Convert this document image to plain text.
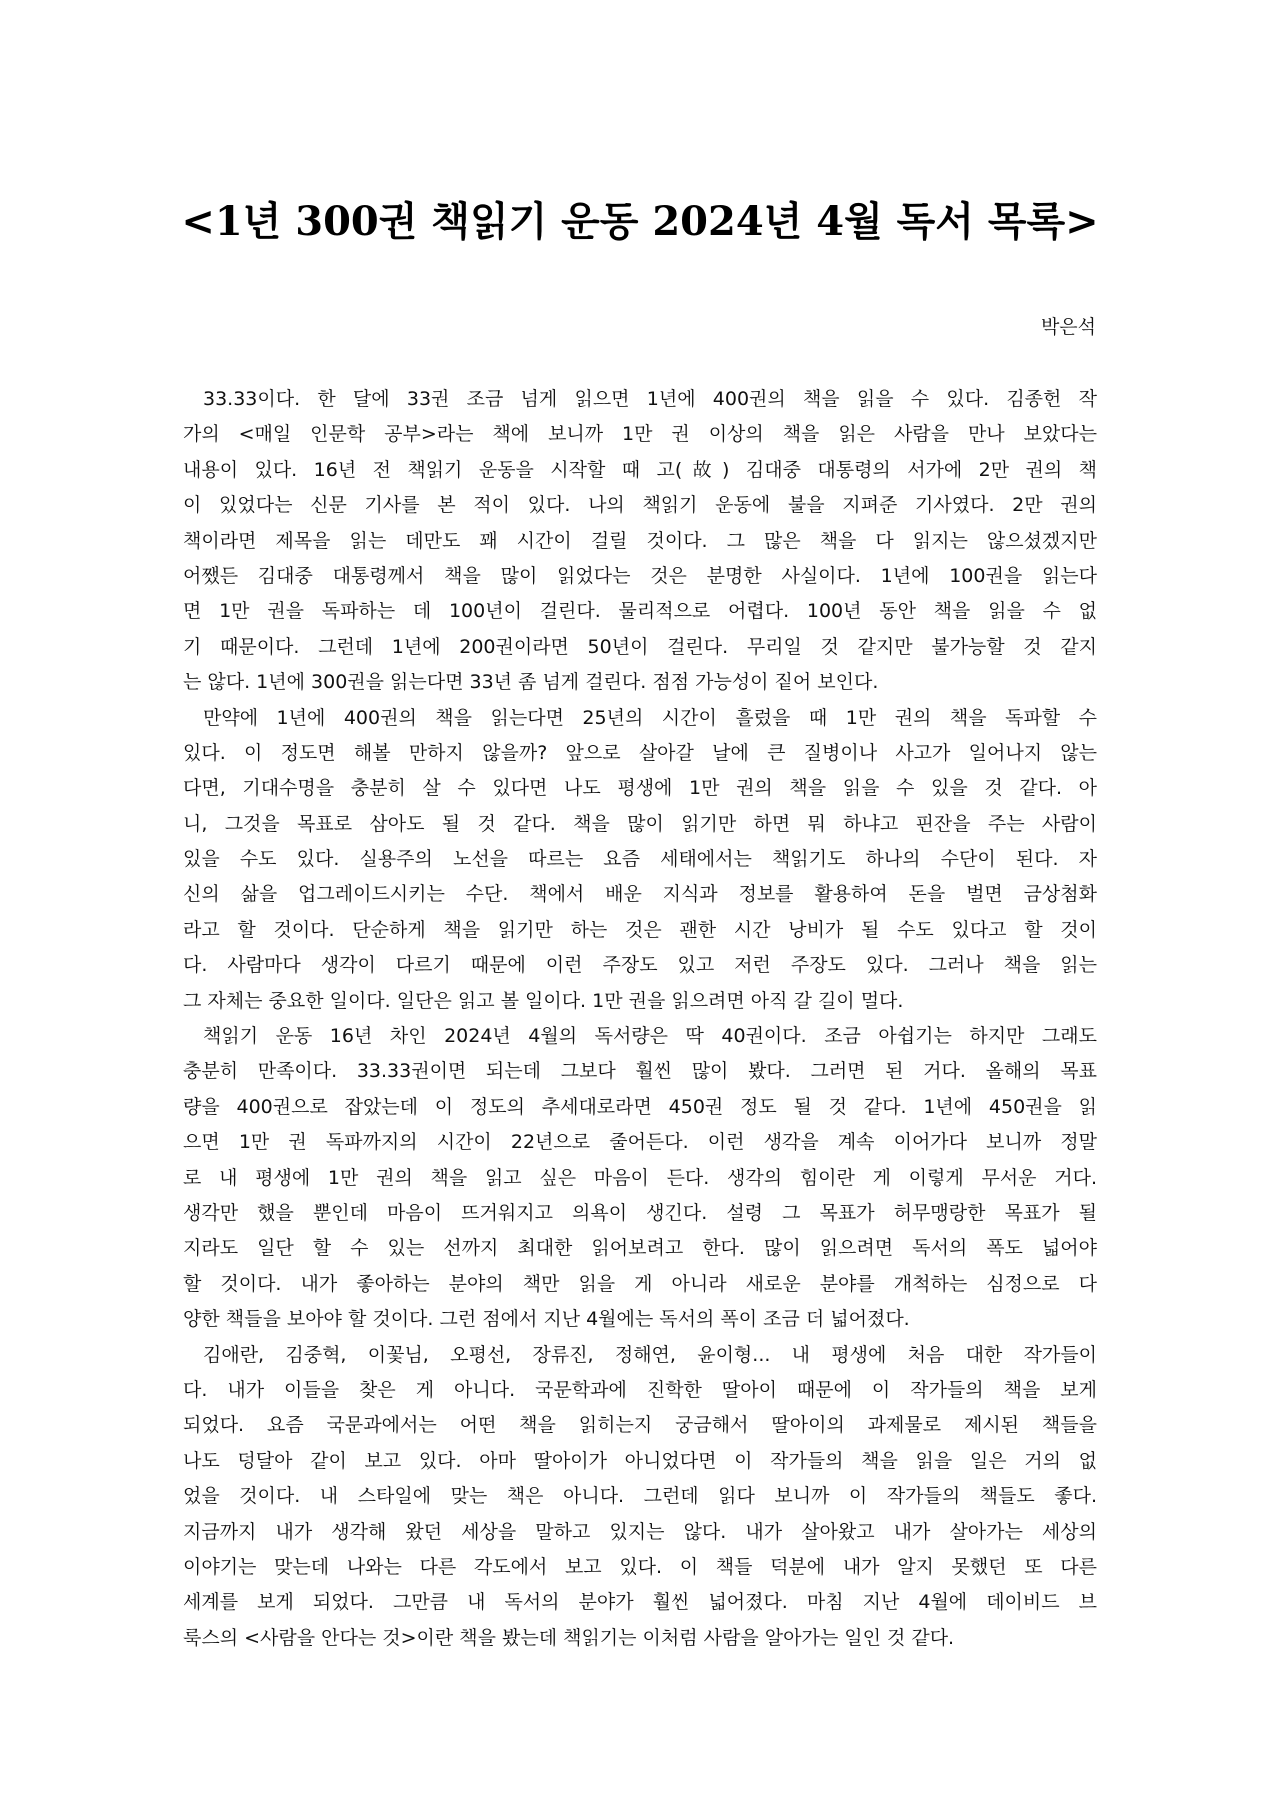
<1년 300권 책읽기 운동 2024년 4월 독서 목록>
박은석
33.33이다. 한 달에 33권 조금 넘게 읽으면 1년에 400권의 책을 읽을 수 있다. 김종헌 작
가의 <매일 인문학 공부>라는 책에 보니까 1만 권 이상의 책을 읽은 사람을 만나 보았다는
내용이 있다. 16년 전 책읽기 운동을 시작할 때 고(故) 김대중 대통령의 서가에 2만 권의 책
이 있었다는 신문 기사를 본 적이 있다. 나의 책읽기 운동에 불을 지펴준 기사였다. 2만 권의
책이라면 제목을 읽는 데만도 꽤 시간이 걸릴 것이다. 그 많은 책을 다 읽지는 않으셨겠지만
어쨌든 김대중 대통령께서 책을 많이 읽었다는 것은 분명한 사실이다. 1년에 100권을 읽는다
면 1만 권을 독파하는 데 100년이 걸린다. 물리적으로 어렵다. 100년 동안 책을 읽을 수 없
기 때문이다. 그런데 1년에 200권이라면 50년이 걸린다. 무리일 것 같지만 불가능할 것 같지
는 않다. 1년에 300권을 읽는다면 33년 좀 넘게 걸린다. 점점 가능성이 짙어 보인다.
만약에 1년에 400권의 책을 읽는다면 25년의 시간이 흘렀을 때 1만 권의 책을 독파할 수
있다. 이 정도면 해볼 만하지 않을까? 앞으로 살아갈 날에 큰 질병이나 사고가 일어나지 않는
다면, 기대수명을 충분히 살 수 있다면 나도 평생에 1만 권의 책을 읽을 수 있을 것 같다. 아
니, 그것을 목표로 삼아도 될 것 같다. 책을 많이 읽기만 하면 뭐 하냐고 핀잔을 주는 사람이
있을 수도 있다. 실용주의 노선을 따르는 요즘 세태에서는 책읽기도 하나의 수단이 된다. 자
신의 삶을 업그레이드시키는 수단. 책에서 배운 지식과 정보를 활용하여 돈을 벌면 금상첨화
라고 할 것이다. 단순하게 책을 읽기만 하는 것은 괜한 시간 낭비가 될 수도 있다고 할 것이
다. 사람마다 생각이 다르기 때문에 이런 주장도 있고 저런 주장도 있다. 그러나 책을 읽는
그 자체는 중요한 일이다. 일단은 읽고 볼 일이다. 1만 권을 읽으려면 아직 갈 길이 멀다.
책읽기 운동 16년 차인 2024년 4월의 독서량은 딱 40권이다. 조금 아쉽기는 하지만 그래도
충분히 만족이다. 33.33권이면 되는데 그보다 훨씬 많이 봤다. 그러면 된 거다. 올해의 목표
량을 400권으로 잡았는데 이 정도의 추세대로라면 450권 정도 될 것 같다. 1년에 450권을 읽
으면 1만 권 독파까지의 시간이 22년으로 줄어든다. 이런 생각을 계속 이어가다 보니까 정말
로 내 평생에 1만 권의 책을 읽고 싶은 마음이 든다. 생각의 힘이란 게 이렇게 무서운 거다.
생각만 했을 뿐인데 마음이 뜨거워지고 의욕이 생긴다. 설령 그 목표가 허무맹랑한 목표가 될
지라도 일단 할 수 있는 선까지 최대한 읽어보려고 한다. 많이 읽으려면 독서의 폭도 넓어야
할 것이다. 내가 좋아하는 분야의 책만 읽을 게 아니라 새로운 분야를 개척하는 심정으로 다
양한 책들을 보아야 할 것이다. 그런 점에서 지난 4월에는 독서의 폭이 조금 더 넓어졌다.
김애란, 김중혁, 이꽃님, 오평선, 장류진, 정해연, 윤이형... 내 평생에 처음 대한 작가들이
다. 내가 이들을 찾은 게 아니다. 국문학과에 진학한 딸아이 때문에 이 작가들의 책을 보게
되었다. 요즘 국문과에서는 어떤 책을 읽히는지 궁금해서 딸아이의 과제물로 제시된 책들을
나도 덩달아 같이 보고 있다. 아마 딸아이가 아니었다면 이 작가들의 책을 읽을 일은 거의 없
었을 것이다. 내 스타일에 맞는 책은 아니다. 그런데 읽다 보니까 이 작가들의 책들도 좋다.
지금까지 내가 생각해 왔던 세상을 말하고 있지는 않다. 내가 살아왔고 내가 살아가는 세상의
이야기는 맞는데 나와는 다른 각도에서 보고 있다. 이 책들 덕분에 내가 알지 못했던 또 다른
세계를 보게 되었다. 그만큼 내 독서의 분야가 훨씬 넓어졌다. 마침 지난 4월에 데이비드 브
룩스의 <사람을 안다는 것>이란 책을 봤는데 책읽기는 이처럼 사람을 알아가는 일인 것 같다.
